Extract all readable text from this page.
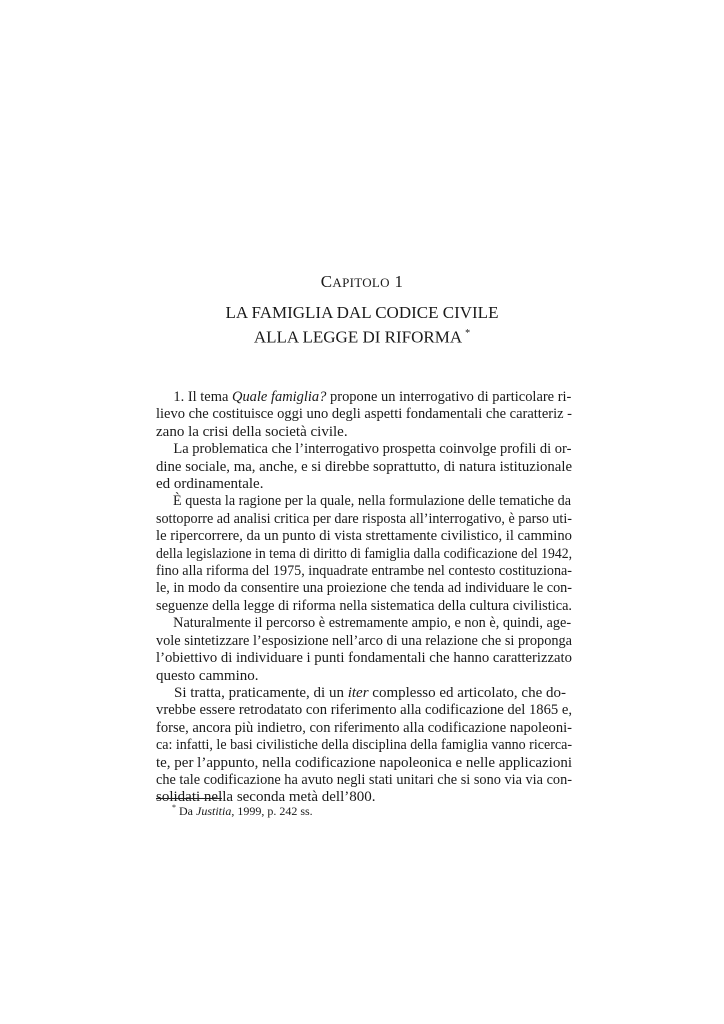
CAPITOLO 1
LA FAMIGLIA DAL CODICE CIVILE
ALLA LEGGE DI RIFORMA *
1. Il tema Quale famiglia? propone un interrogativo di particolare ri-
lievo che costituisce oggi uno degli aspetti fondamentali che caratteriz -
zano la crisi della società civile.
La problematica che l’interrogativo prospetta coinvolge profili di or-
dine sociale, ma, anche, e si direbbe soprattutto, di natura istituzionale
ed ordinamentale.
È questa la ragione per la quale, nella formulazione delle tematiche da
sottoporre ad analisi critica per dare risposta all’interrogativo, è parso uti-
le ripercorrere, da un punto di vista strettamente civilistico, il cammino
della legislazione in tema di diritto di famiglia dalla codificazione del 1942,
fino alla riforma del 1975, inquadrate entrambe nel contesto costituziona-
le, in modo da consentire una proiezione che tenda ad individuare le con-
seguenze della legge di riforma nella sistematica della cultura civilistica.
Naturalmente il percorso è estremamente ampio, e non è, quindi, age-
vole sintetizzare l’esposizione nell’arco di una relazione che si proponga
l’obiettivo di individuare i punti fondamentali che hanno caratterizzato
questo cammino.
Si tratta, praticamente, di un iter complesso ed articolato, che do-
vrebbe essere retrodatato con riferimento alla codificazione del 1865 e,
forse, ancora più indietro, con riferimento alla codificazione napoleoni-
ca: infatti, le basi civilistiche della disciplina della famiglia vanno ricerca-
te, per l’appunto, nella codificazione napoleonica e nelle applicazioni
che tale codificazione ha avuto negli stati unitari che si sono via via con-
solidati nella seconda metà dell’800.
* Da Justitia, 1999, p. 242 ss.
